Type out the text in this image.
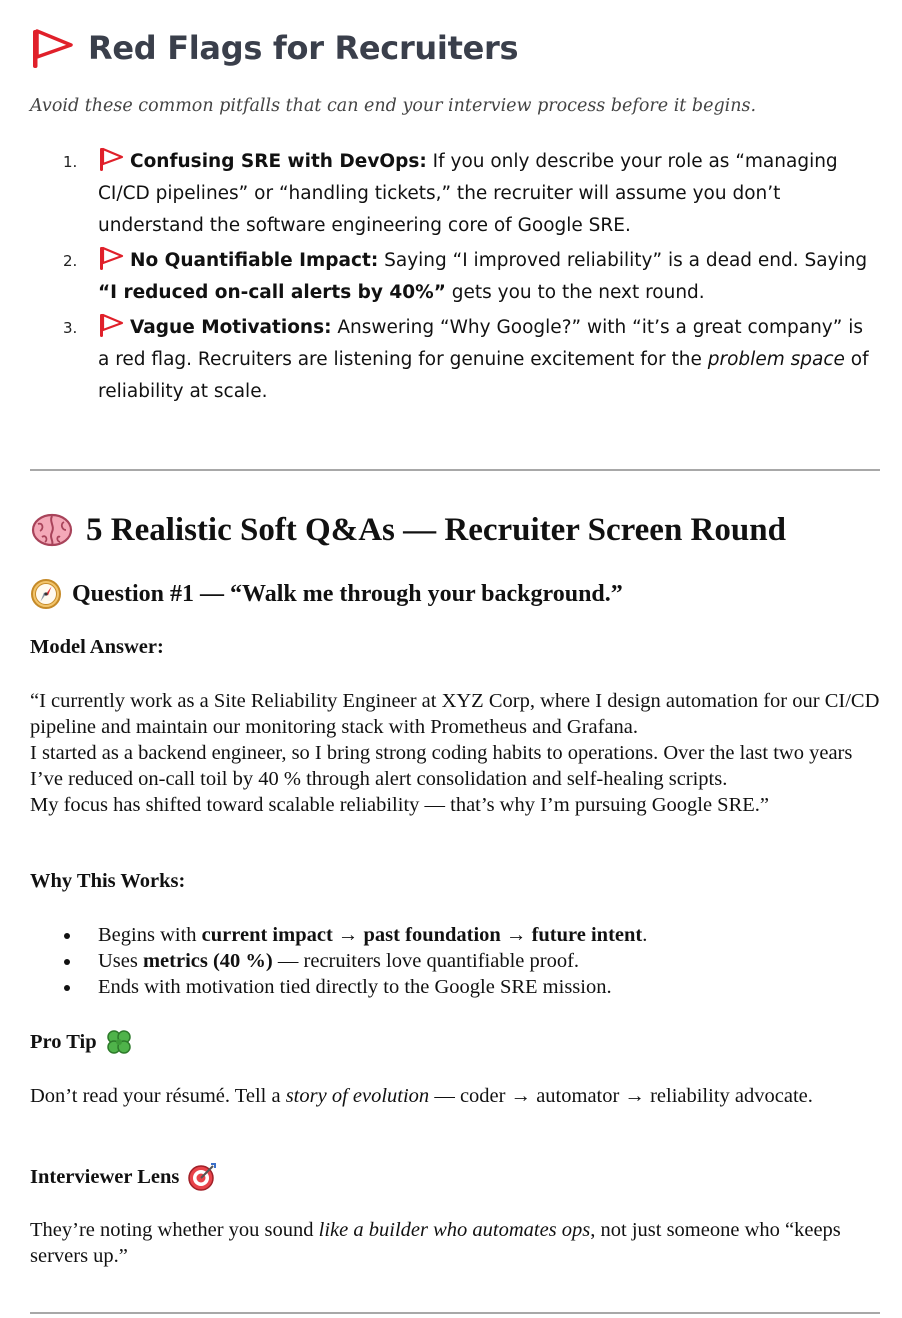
Red Flags for Recruiters
Avoid these common pitfalls that can end your interview process before it begins.
1.	Confusing SRE with DevOps: If you only describe your role as “managing CI/CD pipelines” or “handling tickets,” the recruiter will assume you don’t understand the software engineering core of Google SRE.
2.	No Quantifiable Impact: Saying “I improved reliability” is a dead end. Saying “I reduced on-call alerts by 40%” gets you to the next round.
3.	Vague Motivations: Answering “Why Google?” with “it’s a great company” is a red flag. Recruiters are listening for genuine excitement for the problem space of reliability at scale.
5 Realistic Soft Q&As — Recruiter Screen Round
Question #1 — “Walk me through your background.”
Model Answer:

“I currently work as a Site Reliability Engineer at XYZ Corp, where I design automation for our CI/CD pipeline and maintain our monitoring stack with Prometheus and Grafana.

I started as a backend engineer, so I bring strong coding habits to operations. Over the last two years I’ve reduced on-call toil by 40 % through alert consolidation and self-healing scripts.

My focus has shifted toward scalable reliability — that’s why I’m pursuing Google SRE.”

Why This Works:
Begins with current impact → past foundation → future intent.
Uses metrics (40 %) — recruiters love quantifiable proof.
Ends with motivation tied directly to the Google SRE mission.
Pro Tip
Don’t read your résumé. Tell a story of evolution — coder → automator → reliability advocate.
Interviewer Lens
They’re noting whether you sound like a builder who automates ops, not just someone who “keeps servers up.”
